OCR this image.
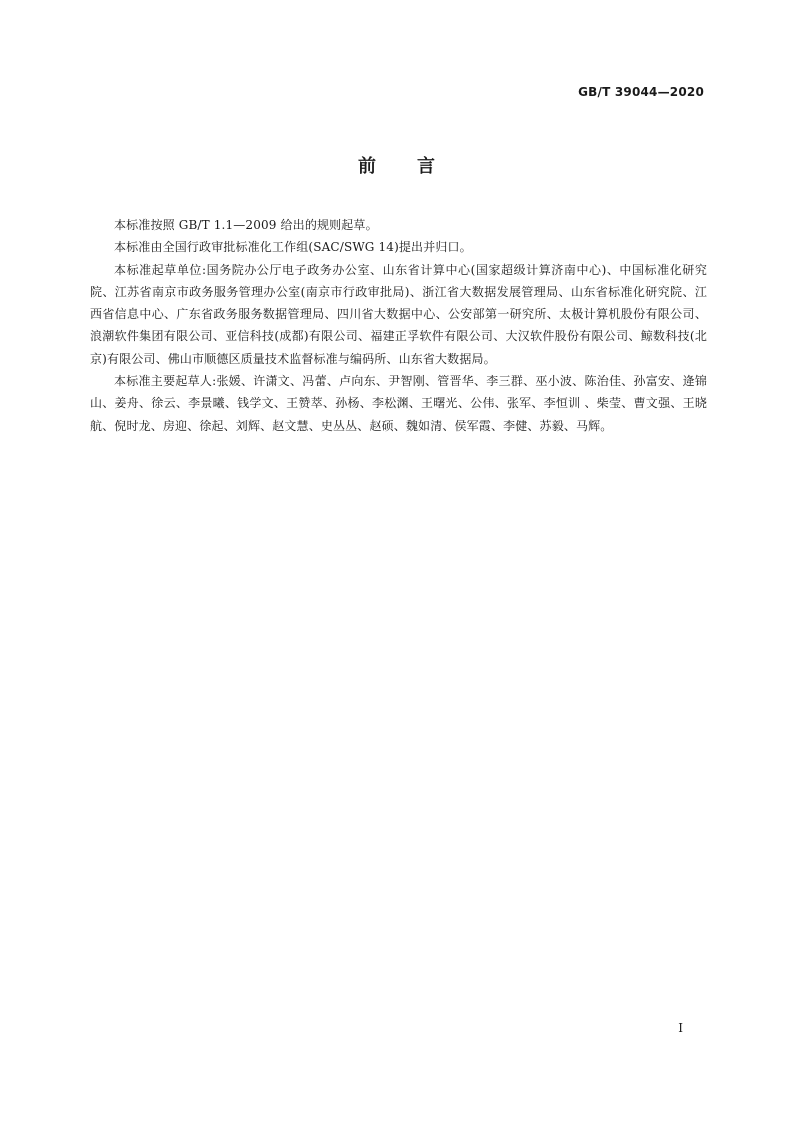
GB/T 39044—2020
前 言

本标准按照 GB/T 1.1—2009 给出的规则起草。

本标准由全国行政审批标准化工作组(SAC/SWG 14)提出并归口。

本标准起草单位:国务院办公厅电子政务办公室、山东省计算中心(国家超级计算济南中心)、中国标准化研究院、江苏省南京市政务服务管理办公室(南京市行政审批局)、浙江省大数据发展管理局、山东省标准化研究院、江西省信息中心、广东省政务服务数据管理局、四川省大数据中心、公安部第一研究所、太极计算机股份有限公司、浪潮软件集团有限公司、亚信科技(成都)有限公司、福建正孚软件有限公司、大汉软件股份有限公司、鲸数科技(北京)有限公司、佛山市顺德区质量技术监督标准与编码所、山东省大数据局。

本标准主要起草人:张媛、许潇文、冯蕾、卢向东、尹智刚、管晋华、李三群、巫小波、陈治佳、孙富安、逄锦山、姜舟、徐云、李景曦、钱学文、王赞萃、孙杨、李松渊、王曙光、公伟、张军、李恒训 、柴莹、曹文强、王晓航、倪时龙、房迎、徐起、刘辉、赵文慧、史丛丛、赵硕、魏如清、侯军霞、李健、苏毅、马辉。

I
